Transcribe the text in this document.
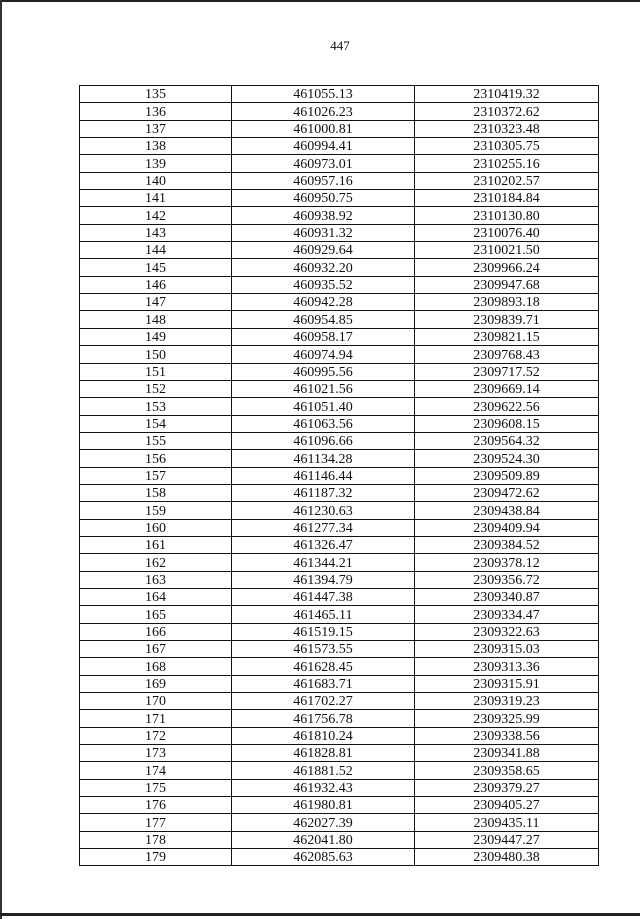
447
135	461055.13	2310419.32
136	461026.23	2310372.62
137	461000.81	2310323.48
138	460994.41	2310305.75
139	460973.01	2310255.16
140	460957.16	2310202.57
141	460950.75	2310184.84
142	460938.92	2310130.80
143	460931.32	2310076.40
144	460929.64	2310021.50
145	460932.20	2309966.24
146	460935.52	2309947.68
147	460942.28	2309893.18
148	460954.85	2309839.71
149	460958.17	2309821.15
150	460974.94	2309768.43
151	460995.56	2309717.52
152	461021.56	2309669.14
153	461051.40	2309622.56
154	461063.56	2309608.15
155	461096.66	2309564.32
156	461134.28	2309524.30
157	461146.44	2309509.89
158	461187.32	2309472.62
159	461230.63	2309438.84
160	461277.34	2309409.94
161	461326.47	2309384.52
162	461344.21	2309378.12
163	461394.79	2309356.72
164	461447.38	2309340.87
165	461465.11	2309334.47
166	461519.15	2309322.63
167	461573.55	2309315.03
168	461628.45	2309313.36
169	461683.71	2309315.91
170	461702.27	2309319.23
171	461756.78	2309325.99
172	461810.24	2309338.56
173	461828.81	2309341.88
174	461881.52	2309358.65
175	461932.43	2309379.27
176	461980.81	2309405.27
177	462027.39	2309435.11
178	462041.80	2309447.27
179	462085.63	2309480.38
